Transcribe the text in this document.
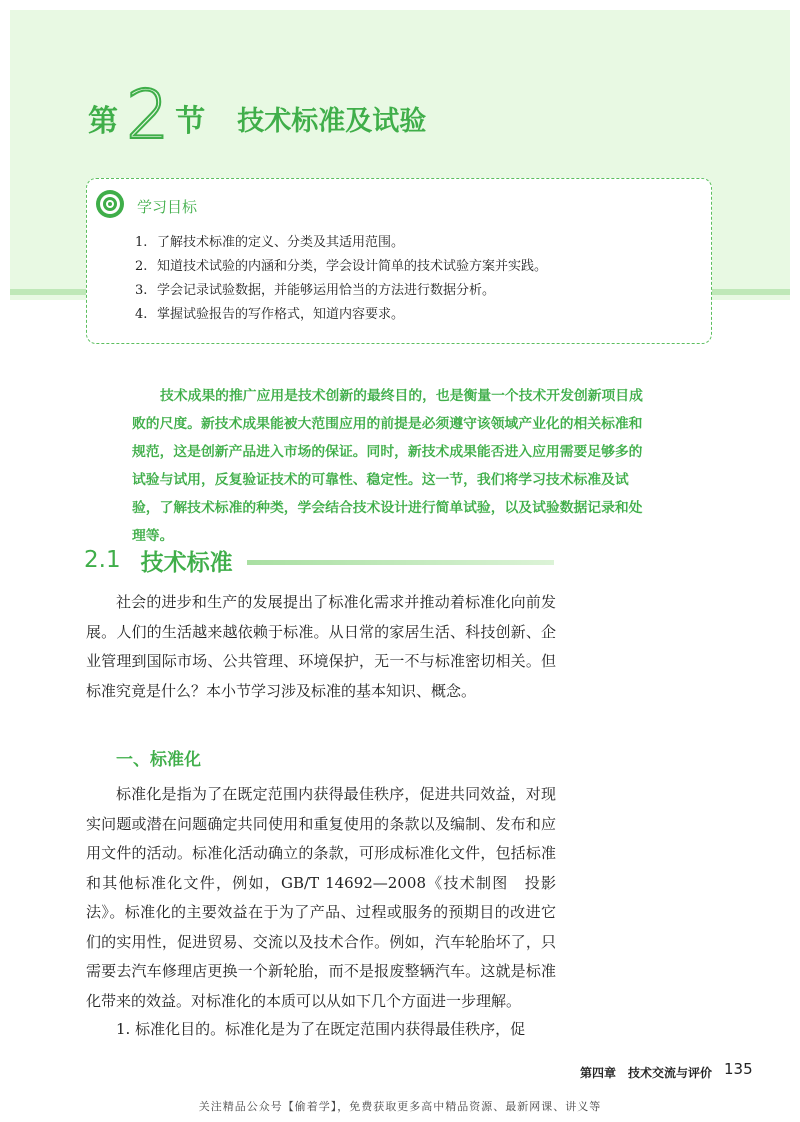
第 2 节 技术标准及试验
学习目标
1. 了解技术标准的定义、分类及其适用范围。
2. 知道技术试验的内涵和分类，学会设计简单的技术试验方案并实践。
3. 学会记录试验数据，并能够运用恰当的方法进行数据分析。
4. 掌握试验报告的写作格式，知道内容要求。

技术成果的推广应用是技术创新的最终目的，也是衡量一个技术开发创新项目成败的尺度。新技术成果能被大范围应用的前提是必须遵守该领域产业化的相关标准和规范，这是创新产品进入市场的保证。同时，新技术成果能否进入应用需要足够多的试验与试用，反复验证技术的可靠性、稳定性。这一节，我们将学习技术标准及试验，了解技术标准的种类，学会结合技术设计进行简单试验，以及试验数据记录和处理等。

2.1 技术标准

社会的进步和生产的发展提出了标准化需求并推动着标准化向前发展。人们的生活越来越依赖于标准。从日常的家居生活、科技创新、企业管理到国际市场、公共管理、环境保护，无一不与标准密切相关。但标准究竟是什么？本小节学习涉及标准的基本知识、概念。

一、标准化

标准化是指为了在既定范围内获得最佳秩序，促进共同效益，对现实问题或潜在问题确定共同使用和重复使用的条款以及编制、发布和应用文件的活动。标准化活动确立的条款，可形成标准化文件，包括标准和其他标准化文件，例如，GB/T 14692—2008《技术制图　投影法》。标准化的主要效益在于为了产品、过程或服务的预期目的改进它们的实用性，促进贸易、交流以及技术合作。例如，汽车轮胎坏了，只需要去汽车修理店更换一个新轮胎，而不是报废整辆汽车。这就是标准化带来的效益。对标准化的本质可以从如下几个方面进一步理解。

1. 标准化目的。标准化是为了在既定范围内获得最佳秩序，促

第四章　技术交流与评价 135
关注精品公众号【偷着学】，免费获取更多高中精品资源、最新网课、讲义等
